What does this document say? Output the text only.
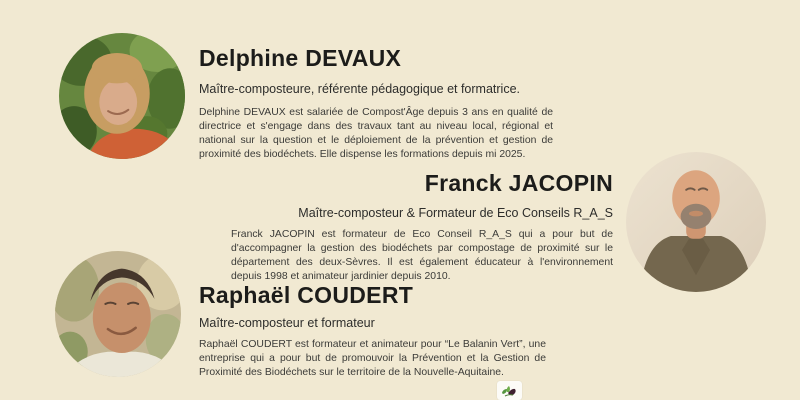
Delphine DEVAUX
Maître-composteure, référente pédagogique et formatrice.
Delphine DEVAUX est salariée de Compost'Âge depuis 3 ans en qualité de directrice et s'engage dans des travaux tant au niveau local, régional et national sur la question et le déploiement de la prévention et gestion de proximité des biodéchets. Elle dispense les formations depuis mi 2025.
Franck JACOPIN
Maître-composteur & Formateur de Eco Conseils R_A_S
Franck JACOPIN est formateur de Eco Conseil R_A_S qui a pour but de d'accompagner la gestion des biodéchets par compostage de proximité sur le département des deux-Sèvres. Il est également éducateur à l'environnement depuis 1998 et animateur jardinier depuis 2010.
Raphaël COUDERT
Maître-composteur et formateur
Raphaël COUDERT est formateur et animateur pour “Le Balanin Vert”, une entreprise qui a pour but de promouvoir la Prévention et la Gestion de Proximité des Biodéchets sur le territoire de la Nouvelle-Aquitaine.
